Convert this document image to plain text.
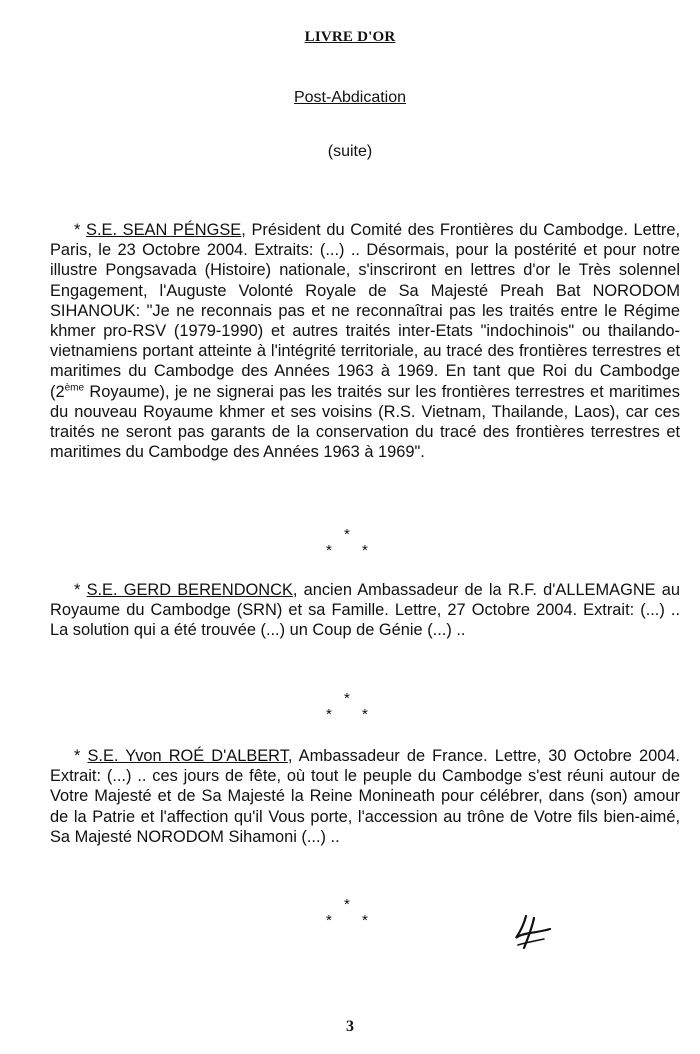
LIVRE D'OR
Post-Abdication
(suite)

* S.E. SEAN PÉNGSE, Président du Comité des Frontières du Cambodge. Lettre, Paris, le 23 Octobre 2004. Extraits: (...) .. Désormais, pour la postérité et pour notre illustre Pongsavada (Histoire) nationale, s'inscriront en lettres d'or le Très solennel Engagement, l'Auguste Volonté Royale de Sa Majesté Preah Bat NORODOM SIHANOUK: "Je ne reconnais pas et ne reconnaîtrai pas les traités entre le Régime khmer pro-RSV (1979-1990) et autres traités inter-Etats "indochinois" ou thailando-vietnamiens portant atteinte à l'intégrité territoriale, au tracé des frontières terrestres et maritimes du Cambodge des Années 1963 à 1969. En tant que Roi du Cambodge (2ème Royaume), je ne signerai pas les traités sur les frontières terrestres et maritimes du nouveau Royaume khmer et ses voisins (R.S. Vietnam, Thailande, Laos), car ces traités ne seront pas garants de la conservation du tracé des frontières terrestres et maritimes du Cambodge des Années 1963 à 1969".

*
* *

* S.E. GERD BERENDONCK, ancien Ambassadeur de la R.F. d'ALLEMAGNE au Royaume du Cambodge (SRN) et sa Famille. Lettre, 27 Octobre 2004. Extrait: (...) .. La solution qui a été trouvée (...) un Coup de Génie (...) ..

*
* *

* S.E. Yvon ROÉ D'ALBERT, Ambassadeur de France. Lettre, 30 Octobre 2004. Extrait: (...) .. ces jours de fête, où tout le peuple du Cambodge s'est réuni autour de Votre Majesté et de Sa Majesté la Reine Monineath pour célébrer, dans (son) amour de la Patrie et l'affection qu'il Vous porte, l'accession au trône de Votre fils bien-aimé, Sa Majesté NORODOM Sihamoni (...) ..

*
* *
3
